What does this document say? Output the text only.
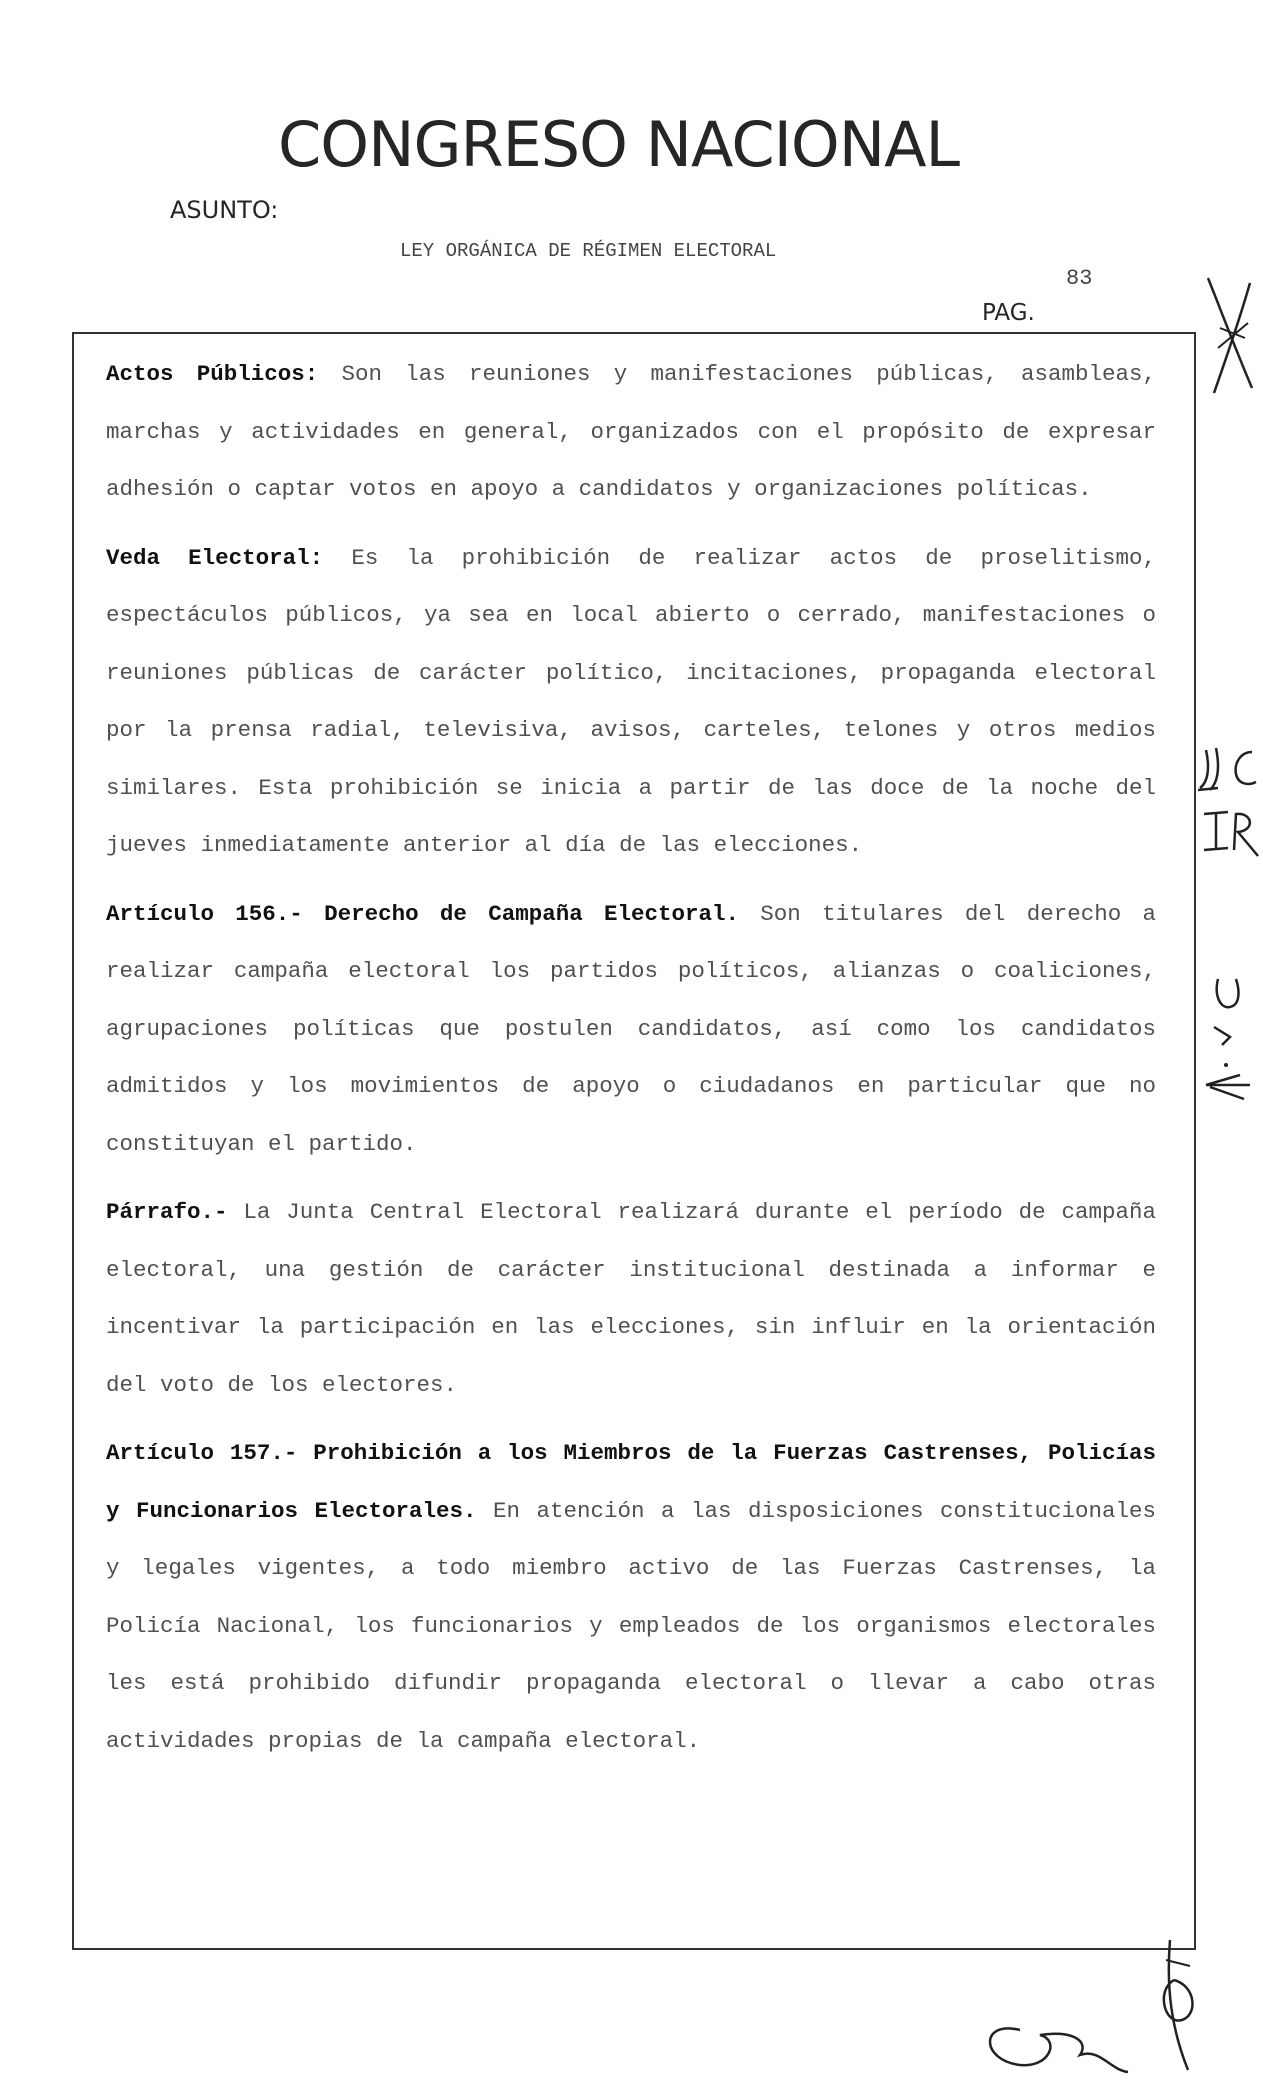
CONGRESO NACIONAL
ASUNTO:
LEY ORGÁNICA DE RÉGIMEN ELECTORAL
83
PAG.

Actos Públicos: Son las reuniones y manifestaciones públicas, asambleas, marchas y actividades en general, organizados con el propósito de expresar adhesión o captar votos en apoyo a candidatos y organizaciones políticas.

Veda Electoral: Es la prohibición de realizar actos de proselitismo, espectáculos públicos, ya sea en local abierto o cerrado, manifestaciones o reuniones públicas de carácter político, incitaciones, propaganda electoral por la prensa radial, televisiva, avisos, carteles, telones y otros medios similares. Esta prohibición se inicia a partir de las doce de la noche del jueves inmediatamente anterior al día de las elecciones.

Artículo 156.- Derecho de Campaña Electoral. Son titulares del derecho a realizar campaña electoral los partidos políticos, alianzas o coaliciones, agrupaciones políticas que postulen candidatos, así como los candidatos admitidos y los movimientos de apoyo o ciudadanos en particular que no constituyan el partido.

Párrafo.- La Junta Central Electoral realizará durante el período de campaña electoral, una gestión de carácter institucional destinada a informar e incentivar la participación en las elecciones, sin influir en la orientación del voto de los electores.

Artículo 157.- Prohibición a los Miembros de la Fuerzas Castrenses, Policías y Funcionarios Electorales. En atención a las disposiciones constitucionales y legales vigentes, a todo miembro activo de las Fuerzas Castrenses, la Policía Nacional, los funcionarios y empleados de los organismos electorales les está prohibido difundir propaganda electoral o llevar a cabo otras actividades propias de la campaña electoral.
